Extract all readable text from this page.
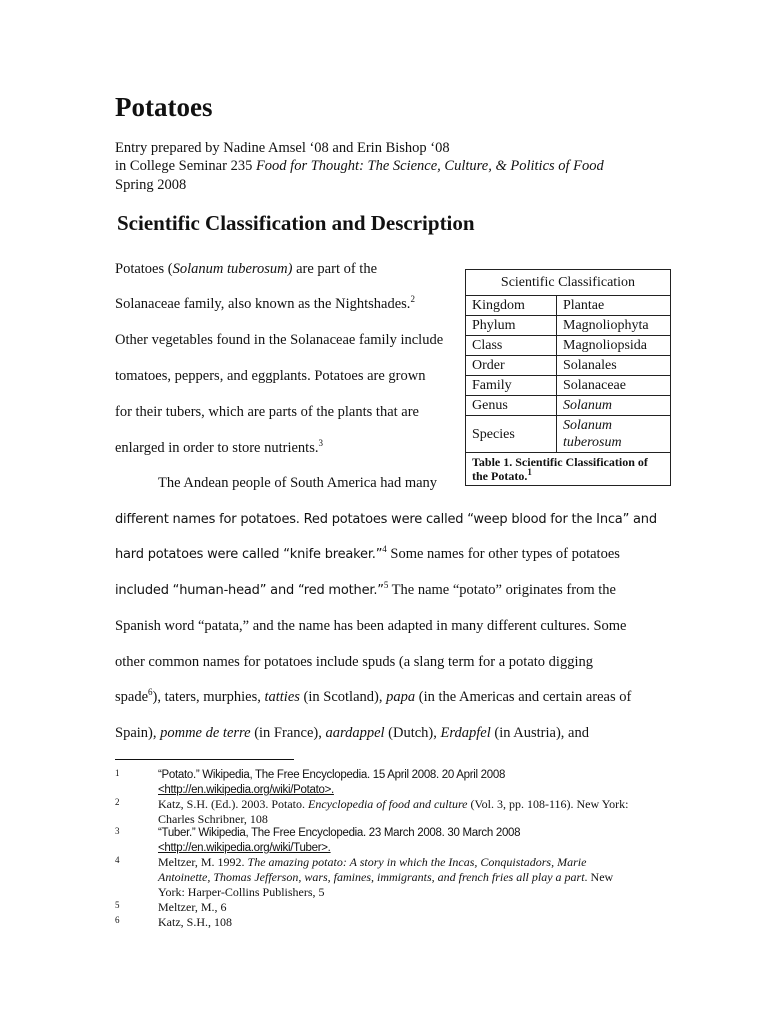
Potatoes
Entry prepared by Nadine Amsel ‘08 and Erin Bishop ‘08
in College Seminar 235 Food for Thought: The Science, Culture, & Politics of Food
Spring 2008
Scientific Classification and Description
Potatoes (Solanum tuberosum) are part of the
Solanaceae family, also known as the Nightshades.$^2$
Other vegetables found in the Solanaceae family include
tomatoes, peppers, and eggplants. Potatoes are grown
for their tubers, which are parts of the plants that are
enlarged in order to store nutrients.$^3$
The Andean people of South America had many
different names for potatoes. Red potatoes were called “weep blood for the Inca” and
hard potatoes were called “knife breaker.”$^4$ Some names for other types of potatoes
included “human-head” and “red mother.”$^5$ The name “potato” originates from the
Spanish word “patata,” and the name has been adapted in many different cultures. Some
other common names for potatoes include spuds (a slang term for a potato digging
spade$^6$), taters, murphies, tatties (in Scotland), papa (in the Americas and certain areas of
Spain), pomme de terre (in France), aardappel (Dutch), Erdapfel (in Austria), and
Scientific Classification	
Kingdom	Plantae
Phylum	Magnoliophyta
Class	Magnoliopsida
Order	Solanales
Family	Solanaceae
Genus	Solanum
Species	Solanum tuberosum
Table 1. Scientific Classification of the Potato.$^1$
1	“Potato.” Wikipedia, The Free Encyclopedia. 15 April 2008. 20 April 2008
<http://en.wikipedia.org/wiki/Potato>.
2	Katz, S.H. (Ed.). 2003. Potato. Encyclopedia of food and culture (Vol. 3, pp. 108-116). New York:
Charles Schribner, 108
3	“Tuber.” Wikipedia, The Free Encyclopedia. 23 March 2008. 30 March 2008
<http://en.wikipedia.org/wiki/Tuber>.
4	Meltzer, M. 1992. The amazing potato: A story in which the Incas, Conquistadors, Marie
Antoinette, Thomas Jefferson, wars, famines, immigrants, and french fries all play a part. New
York: Harper-Collins Publishers, 5
5	Meltzer, M., 6
6	Katz, S.H., 108
